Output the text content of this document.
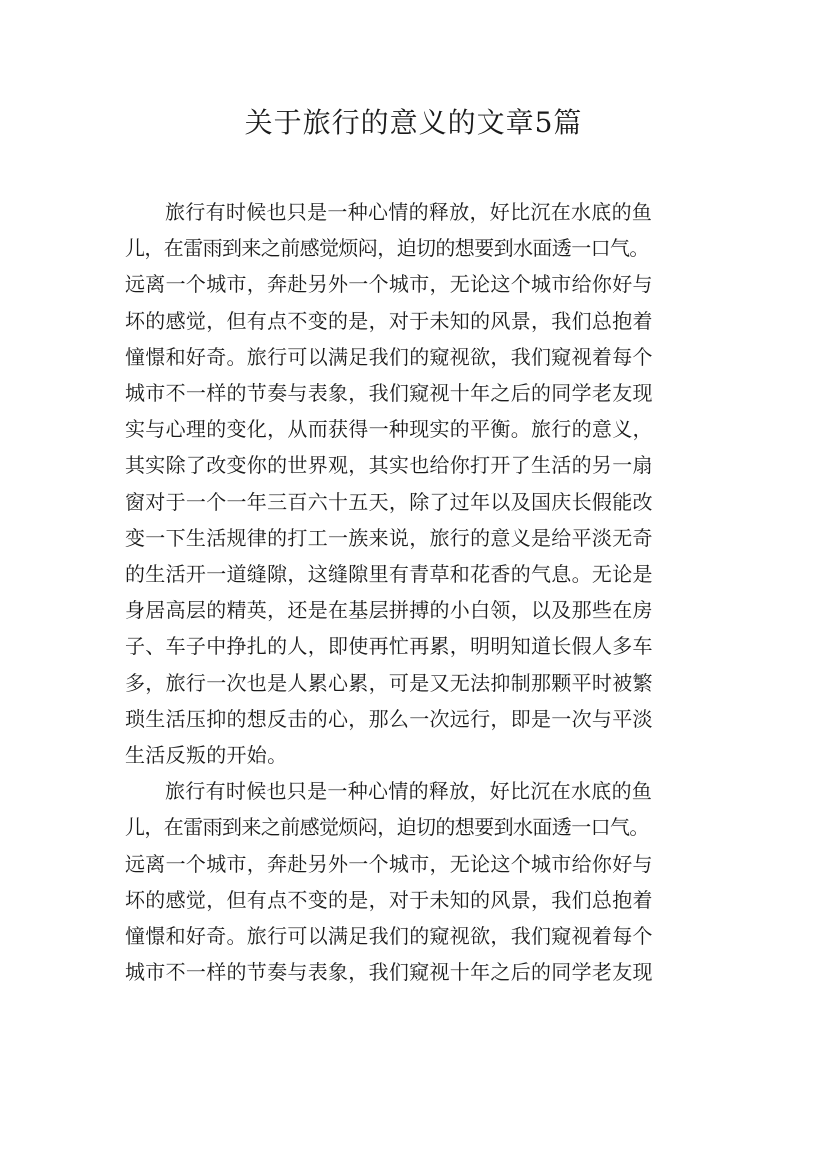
关于旅行的意义的文章5篇

旅行有时候也只是一种心情的释放，好比沉在水底的鱼
儿，在雷雨到来之前感觉烦闷，迫切的想要到水面透一口气。
远离一个城市，奔赴另外一个城市，无论这个城市给你好与
坏的感觉，但有点不变的是，对于未知的风景，我们总抱着
憧憬和好奇。旅行可以满足我们的窥视欲，我们窥视着每个
城市不一样的节奏与表象，我们窥视十年之后的同学老友现
实与心理的变化，从而获得一种现实的平衡。旅行的意义，
其实除了改变你的世界观，其实也给你打开了生活的另一扇
窗对于一个一年三百六十五天，除了过年以及国庆长假能改
变一下生活规律的打工一族来说，旅行的意义是给平淡无奇
的生活开一道缝隙，这缝隙里有青草和花香的气息。无论是
身居高层的精英，还是在基层拼搏的小白领，以及那些在房
子、车子中挣扎的人，即使再忙再累，明明知道长假人多车
多，旅行一次也是人累心累，可是又无法抑制那颗平时被繁
琐生活压抑的想反击的心，那么一次远行，即是一次与平淡
生活反叛的开始。

旅行有时候也只是一种心情的释放，好比沉在水底的鱼
儿，在雷雨到来之前感觉烦闷，迫切的想要到水面透一口气。
远离一个城市，奔赴另外一个城市，无论这个城市给你好与
坏的感觉，但有点不变的是，对于未知的风景，我们总抱着
憧憬和好奇。旅行可以满足我们的窥视欲，我们窥视着每个
城市不一样的节奏与表象，我们窥视十年之后的同学老友现
